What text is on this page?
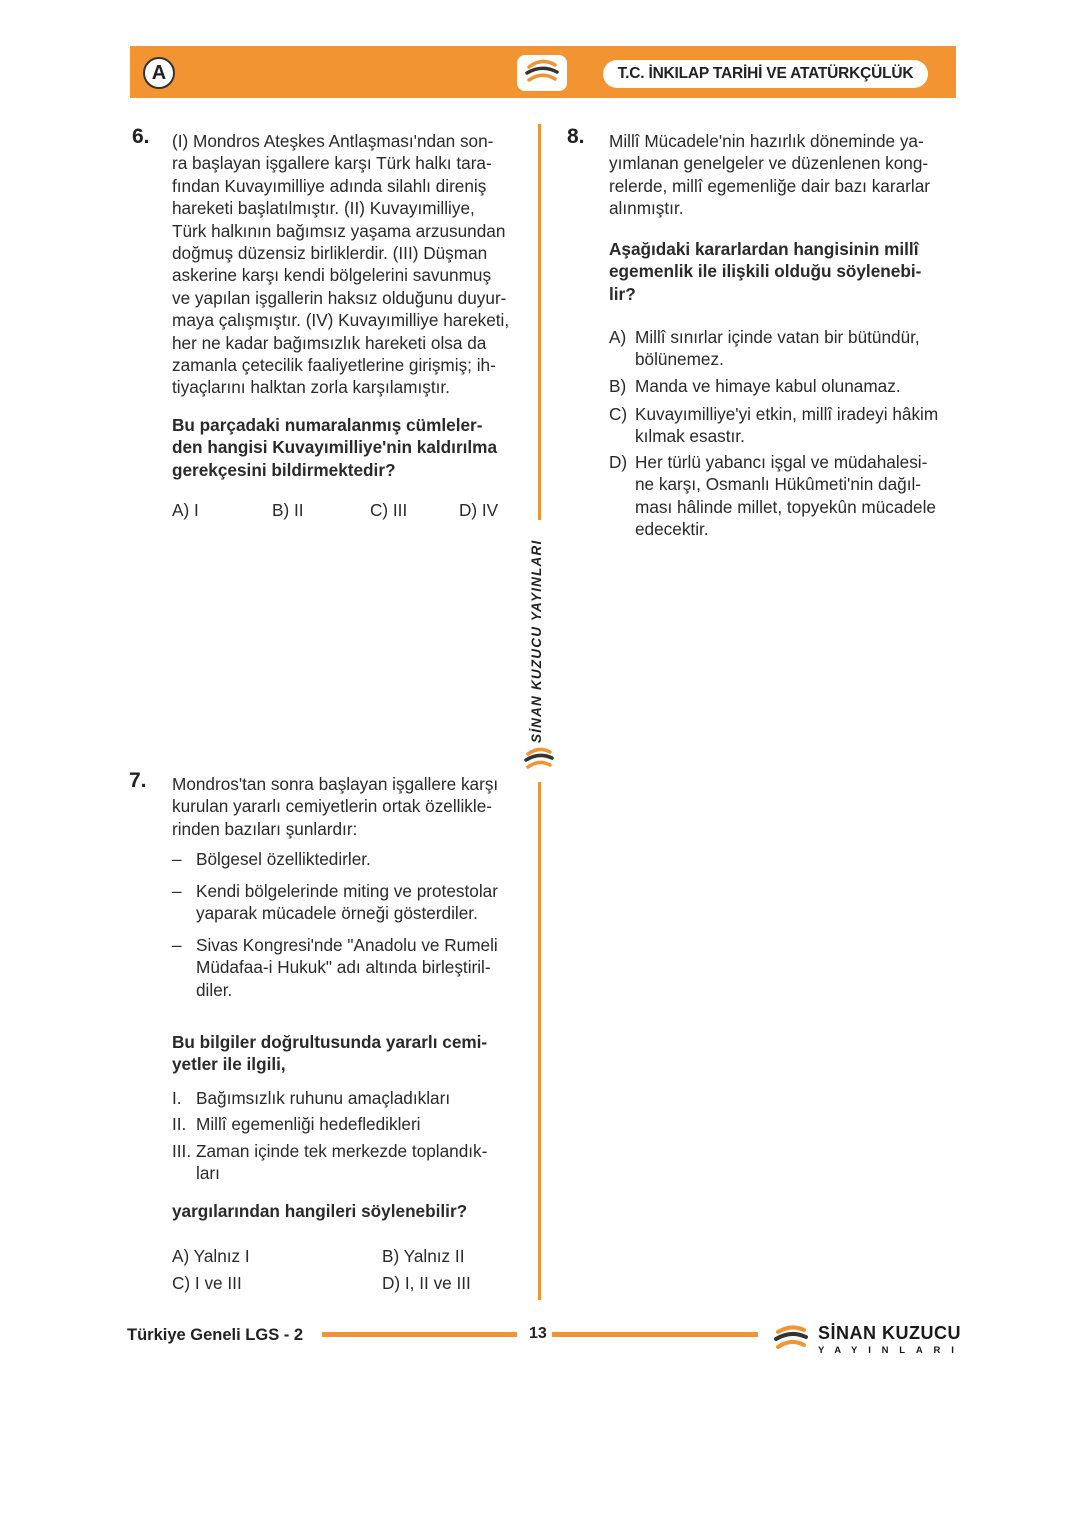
A	T.C. İNKILAP TARİHİ VE ATATÜRKÇÜLÜK
6. (I) Mondros Ateşkes Antlaşması'ndan son-

ra başlayan işgallere karşı Türk halkı tara-

fından Kuvayımilliye adında silahlı direniş

hareketi başlatılmıştır. (II) Kuvayımilliye,

Türk halkının bağımsız yaşama arzusundan

doğmuş düzensiz birliklerdir. (III) Düşman

askerine karşı kendi bölgelerini savunmuş

ve yapılan işgallerin haksız olduğunu duyur-

maya çalışmıştır. (IV) Kuvayımilliye hareketi,

her ne kadar bağımsızlık hareketi olsa da

zamanla çetecilik faaliyetlerine girişmiş; ih-

tiyaçlarını halktan zorla karşılamıştır.

Bu parçadaki numaralanmış cümleler-

den hangisi Kuvayımilliye'nin kaldırılma

gerekçesini bildirmektedir?

A) I	B) II	C) III	D) IV
SİNAN KUZUCU YAYINLARI
7. Mondros'tan sonra başlayan işgallere karşı

kurulan yararlı cemiyetlerin ortak özellikle-

rinden bazıları şunlardır:

– Bölgesel özelliktedirler.

– Kendi bölgelerinde miting ve protestolar

yaparak mücadele örneği gösterdiler.

– Sivas Kongresi'nde "Anadolu ve Rumeli

Müdafaa-i Hukuk" adı altında birleştiril-

diler.

Bu bilgiler doğrultusunda yararlı cemi-

yetler ile ilgili,

I. Bağımsızlık ruhunu amaçladıkları

II. Millî egemenliği hedefledikleri

III. Zaman içinde tek merkezde toplandık-

ları

yargılarından hangileri söylenebilir?
A) Yalnız I	B) Yalnız II
C) I ve III	D) I, II ve III
8. Millî Mücadele'nin hazırlık döneminde ya-

yımlanan genelgeler ve düzenlenen kong-

relerde, millî egemenliğe dair bazı kararlar

alınmıştır.

Aşağıdaki kararlardan hangisinin millî

egemenlik ile ilişkili olduğu söylenebi-

lir?

A) Millî sınırlar içinde vatan bir bütündür,

bölünemez.

B) Manda ve himaye kabul olunamaz.

C) Kuvayımilliye'yi etkin, millî iradeyi hâkim

kılmak esastır.

D) Her türlü yabancı işgal ve müdahalesi-

ne karşı, Osmanlı Hükûmeti'nin dağıl-

ması hâlinde millet, topyekûn mücadele

edecektir.

Türkiye Geneli LGS - 2	13	SİNAN KUZUCU
YAYINLARI
